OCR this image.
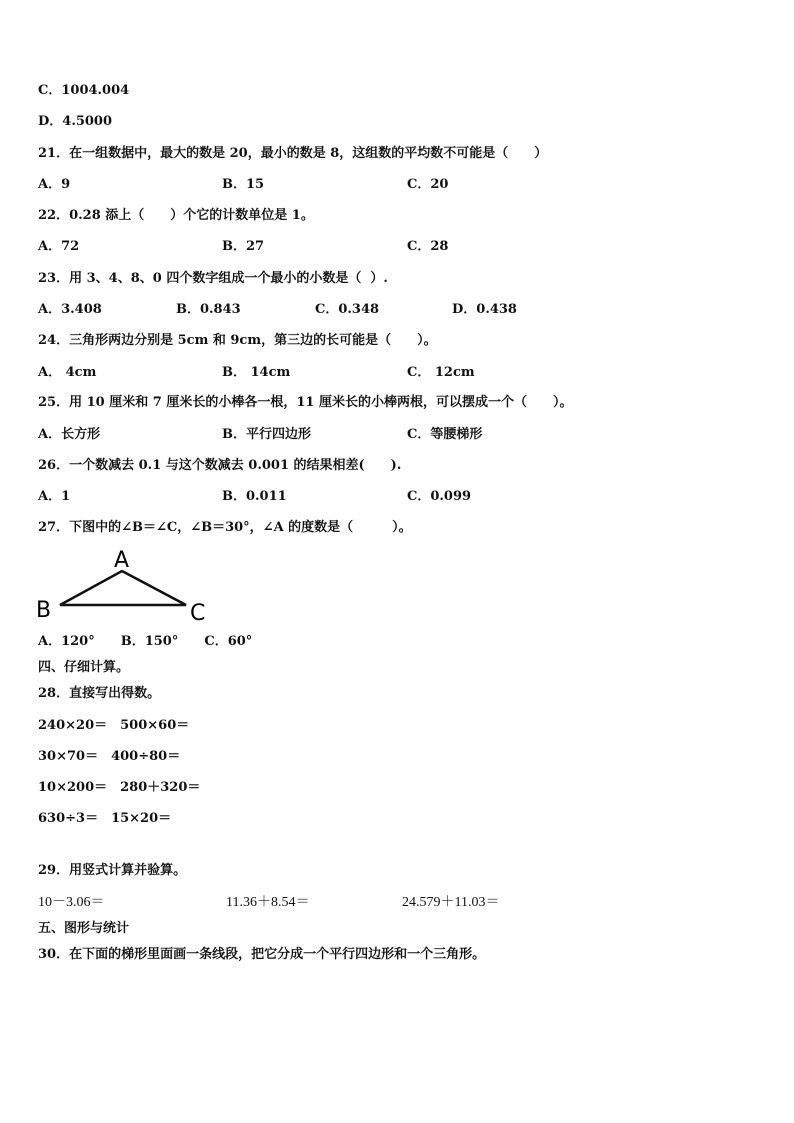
C．1004.004
D．4.5000
21．在一组数据中，最大的数是 20，最小的数是 8，这组数的平均数不可能是（　　）
A．9	B．15	C．20
22．0.28 添上（　　）个它的计数单位是 1。
A．72	B．27	C．28
23．用 3、4、8、0 四个数字组成一个最小的小数是（  ）.
A．3.408	B．0.843	C．0.348	D．0.438
24．三角形两边分别是 5cm 和 9cm，第三边的长可能是（　　）。
A． 4cm	B． 14cm	C． 12cm
25．用 10 厘米和 7 厘米长的小棒各一根，11 厘米长的小棒两根，可以摆成一个（　　）。
A．长方形	B．平行四边形	C．等腰梯形
26．一个数减去 0.1 与这个数减去 0.001 的结果相差(　　).
A．1	B．0.011	C．0.099
27．下图中的∠B＝∠C，∠B＝30°，∠A 的度数是（　　　）。
A
B	C
A．120°　　B．150°　　C．60°
四、仔细计算。
28．直接写出得数。
240×20＝　500×60＝
30×70＝　400÷80＝
10×200＝　280＋320＝
630÷3＝　15×20＝
29．用竖式计算并验算。
10－3.06＝	11.36＋8.54＝	24.579＋11.03＝
五、图形与统计
30．在下面的梯形里面画一条线段，把它分成一个平行四边形和一个三角形。
